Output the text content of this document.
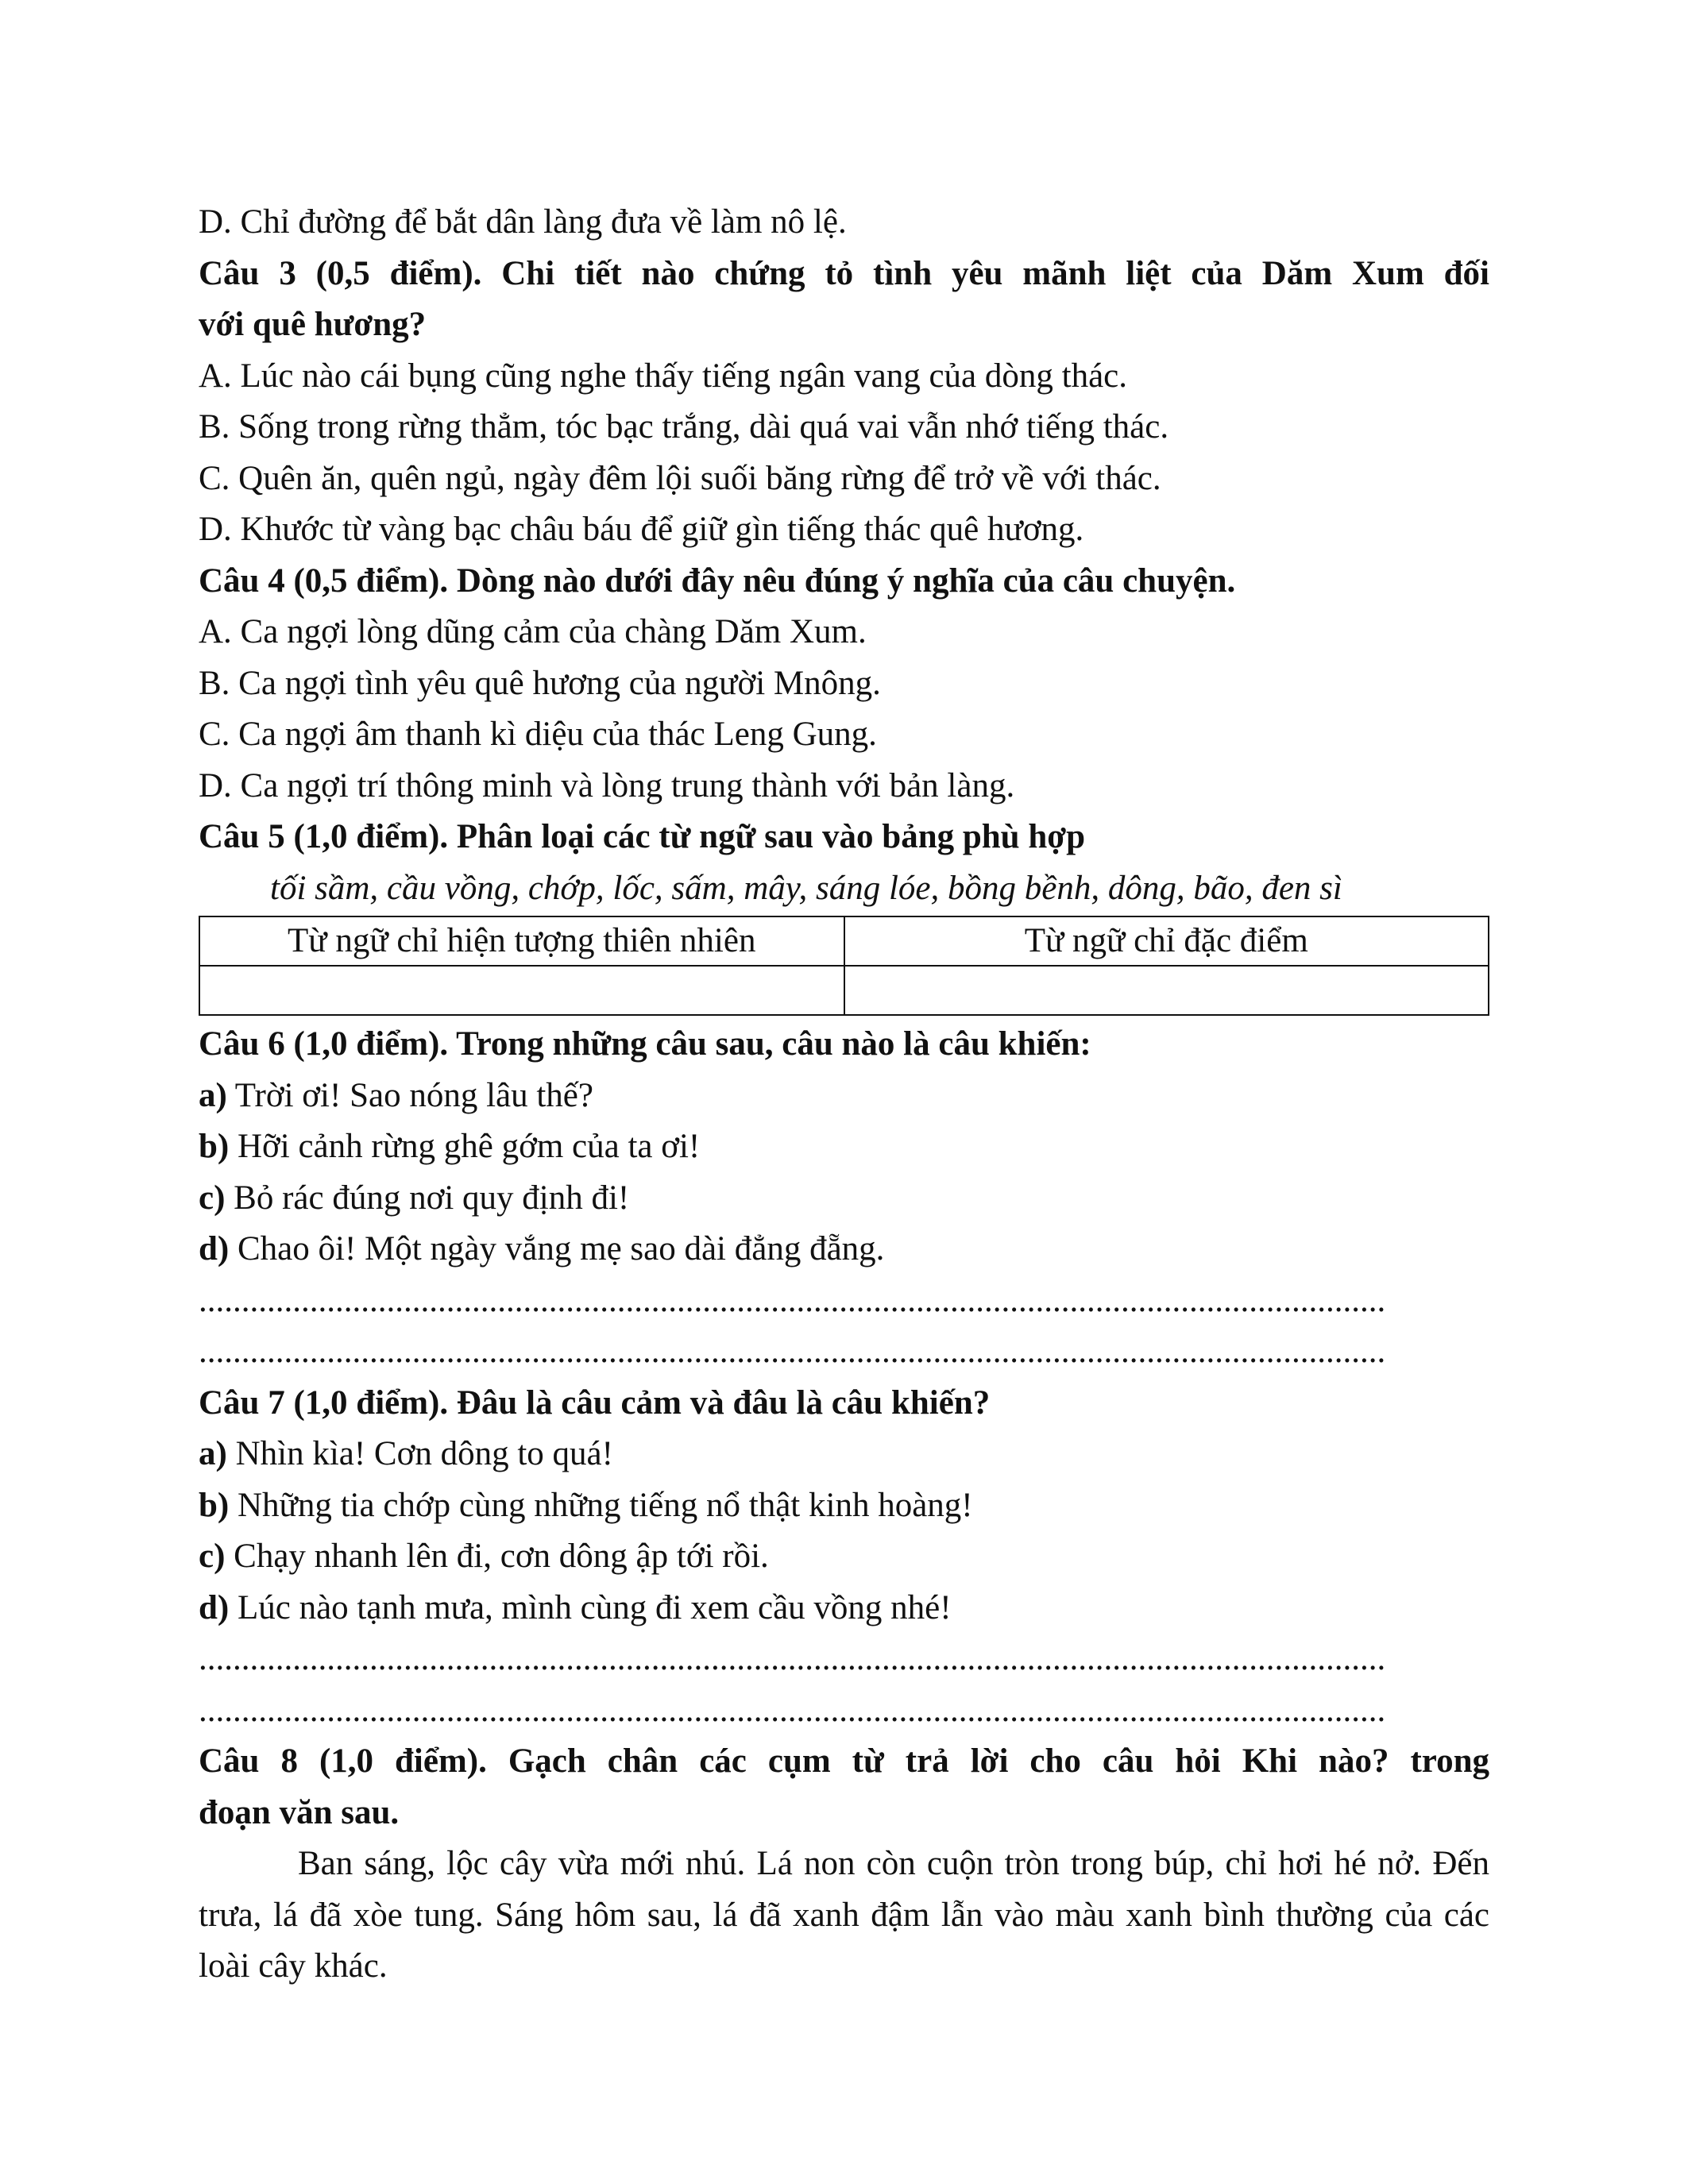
D. Chỉ đường để bắt dân làng đưa về làm nô lệ.
Câu 3 (0,5 điểm). Chi tiết nào chứng tỏ tình yêu mãnh liệt của Dăm Xum đối
với quê hương?
A. Lúc nào cái bụng cũng nghe thấy tiếng ngân vang của dòng thác.
B. Sống trong rừng thẳm, tóc bạc trắng, dài quá vai vẫn nhớ tiếng thác.
C. Quên ăn, quên ngủ, ngày đêm lội suối băng rừng để trở về với thác.
D. Khước từ vàng bạc châu báu để giữ gìn tiếng thác quê hương.
Câu 4 (0,5 điểm). Dòng nào dưới đây nêu đúng ý nghĩa của câu chuyện.
A. Ca ngợi lòng dũng cảm của chàng Dăm Xum.
B. Ca ngợi tình yêu quê hương của người Mnông.
C. Ca ngợi âm thanh kì diệu của thác Leng Gung.
D. Ca ngợi trí thông minh và lòng trung thành với bản làng.
Câu 5 (1,0 điểm). Phân loại các từ ngữ sau vào bảng phù hợp
tối sầm, cầu vồng, chớp, lốc, sấm, mây, sáng lóe, bồng bềnh, dông, bão, đen sì
Từ ngữ chỉ hiện tượng thiên nhiên	Từ ngữ chỉ đặc điểm

Câu 6 (1,0 điểm). Trong những câu sau, câu nào là câu khiến:
a) Trời ơi! Sao nóng lâu thế?
b) Hỡi cảnh rừng ghê gớm của ta ơi!
c) Bỏ rác đúng nơi quy định đi!
d) Chao ôi! Một ngày vắng mẹ sao dài đẳng đẵng.
...........................................................................................................................................
...........................................................................................................................................
Câu 7 (1,0 điểm). Đâu là câu cảm và đâu là câu khiến?
a) Nhìn kìa! Cơn dông to quá!
b) Những tia chớp cùng những tiếng nổ thật kinh hoàng!
c) Chạy nhanh lên đi, cơn dông ập tới rồi.
d) Lúc nào tạnh mưa, mình cùng đi xem cầu vồng nhé!
...........................................................................................................................................
...........................................................................................................................................
Câu 8 (1,0 điểm). Gạch chân các cụm từ trả lời cho câu hỏi Khi nào? trong
đoạn văn sau.
Ban sáng, lộc cây vừa mới nhú. Lá non còn cuộn tròn trong búp, chỉ hơi hé nở. Đến trưa, lá đã xòe tung. Sáng hôm sau, lá đã xanh đậm lẫn vào màu xanh bình thường của các loài cây khác.
